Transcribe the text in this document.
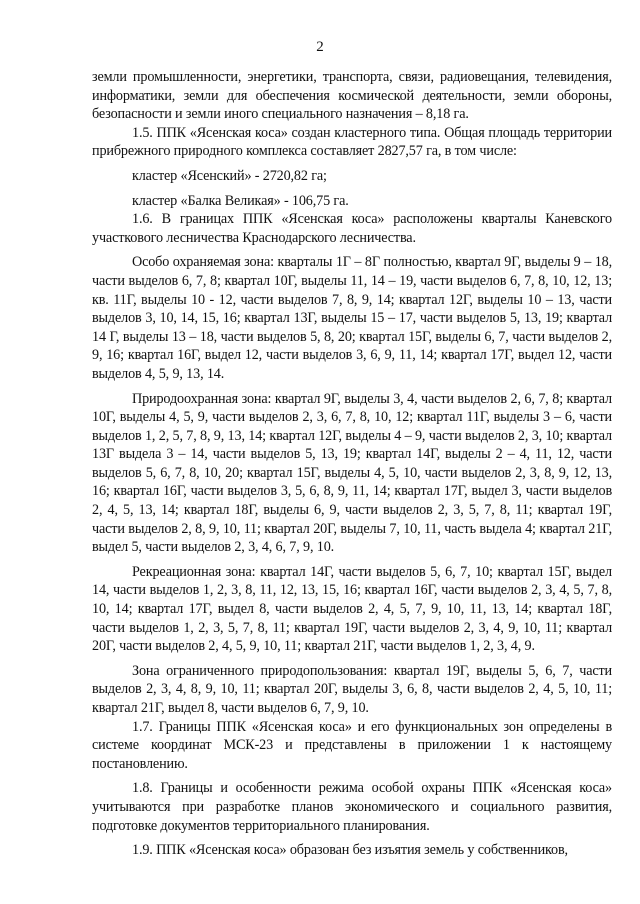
2

земли промышленности, энергетики, транспорта, связи, радиовещания, телевидения, информатики, земли для обеспечения космической деятельности, земли обороны, безопасности и земли иного специального назначения – 8,18 га.

1.5. ППК «Ясенская коса» создан кластерного типа. Общая площадь территории прибрежного природного комплекса составляет 2827,57 га, в том числе:

кластер «Ясенский» - 2720,82 га;

кластер «Балка Великая» - 106,75 га.

1.6. В границах ППК «Ясенская коса» расположены кварталы Каневского участкового лесничества Краснодарского лесничества.

Особо охраняемая зона: кварталы 1Г – 8Г полностью, квартал 9Г, выделы 9 – 18, части выделов 6, 7, 8; квартал 10Г, выделы 11, 14 – 19, части выделов 6, 7, 8, 10, 12, 13; кв. 11Г, выделы 10 - 12, части выделов 7, 8, 9, 14; квартал 12Г, выделы 10 – 13, части выделов 3, 10, 14, 15, 16; квартал 13Г, выделы 15 – 17, части выделов 5, 13, 19; квартал 14 Г, выделы 13 – 18, части выделов 5, 8, 20; квартал 15Г, выделы 6, 7, части выделов 2, 9, 16; квартал 16Г, выдел 12, части выделов 3, 6, 9, 11, 14; квартал 17Г, выдел 12, части выделов 4, 5, 9, 13, 14.

Природоохранная зона: квартал 9Г, выделы 3, 4, части выделов 2, 6, 7, 8; квартал 10Г, выделы 4, 5, 9, части выделов 2, 3, 6, 7, 8, 10, 12; квартал 11Г, выделы 3 – 6, части выделов 1, 2, 5, 7, 8, 9, 13, 14; квартал 12Г, выделы 4 – 9, части выделов 2, 3, 10; квартал 13Г выдела 3 – 14, части выделов 5, 13, 19; квартал 14Г, выделы 2 – 4, 11, 12, части выделов 5, 6, 7, 8, 10, 20; квартал 15Г, выделы 4, 5, 10, части выделов 2, 3, 8, 9, 12, 13, 16; квартал 16Г, части выделов 3, 5, 6, 8, 9, 11, 14; квартал 17Г, выдел 3, части выделов 2, 4, 5, 13, 14; квартал 18Г, выделы 6, 9, части выделов 2, 3, 5, 7, 8, 11; квартал 19Г, части выделов 2, 8, 9, 10, 11; квартал 20Г, выделы 7, 10, 11, часть выдела 4; квартал 21Г, выдел 5, части выделов 2, 3, 4, 6, 7, 9, 10.

Рекреационная зона: квартал 14Г, части выделов 5, 6, 7, 10; квартал 15Г, выдел 14, части выделов 1, 2, 3, 8, 11, 12, 13, 15, 16; квартал 16Г, части выделов 2, 3, 4, 5, 7, 8, 10, 14; квартал 17Г, выдел 8, части выделов 2, 4, 5, 7, 9, 10, 11, 13, 14; квартал 18Г, части выделов 1, 2, 3, 5, 7, 8, 11; квартал 19Г, части выделов 2, 3, 4, 9, 10, 11; квартал 20Г, части выделов 2, 4, 5, 9, 10, 11; квартал 21Г, части выделов 1, 2, 3, 4, 9.

Зона ограниченного природопользования: квартал 19Г, выделы 5, 6, 7, части выделов 2, 3, 4, 8, 9, 10, 11; квартал 20Г, выделы 3, 6, 8, части выделов 2, 4, 5, 10, 11; квартал 21Г, выдел 8, части выделов 6, 7, 9, 10.

1.7. Границы ППК «Ясенская коса» и его функциональных зон определены в системе координат МСК-23 и представлены в приложении 1 к настоящему постановлению.

1.8. Границы и особенности режима особой охраны ППК «Ясенская коса» учитываются при разработке планов экономического и социального развития, подготовке документов территориального планирования.

1.9. ППК «Ясенская коса» образован без изъятия земель у собственников,
